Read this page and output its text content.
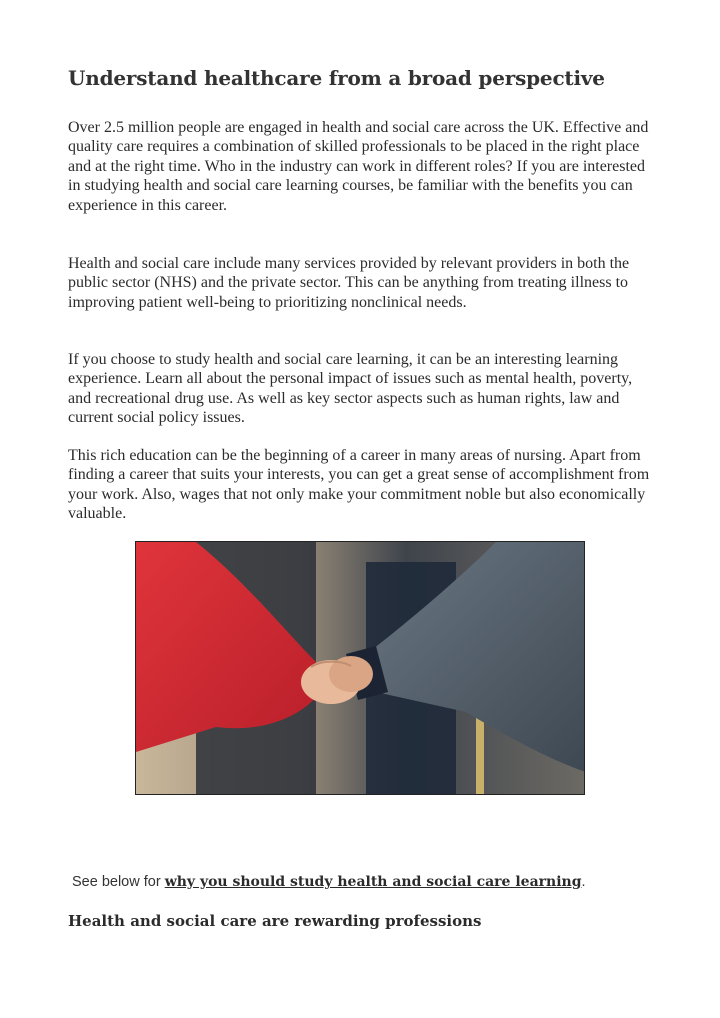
Understand healthcare from a broad perspective

Over 2.5 million people are engaged in health and social care across the UK. Effective and quality care requires a combination of skilled professionals to be placed in the right place and at the right time. Who in the industry can work in different roles? If you are interested in studying health and social care learning courses, be familiar with the benefits you can experience in this career.

Health and social care include many services provided by relevant providers in both the public sector (NHS) and the private sector. This can be anything from treating illness to improving patient well-being to prioritizing nonclinical needs.

If you choose to study health and social care learning, it can be an interesting learning experience. Learn all about the personal impact of issues such as mental health, poverty, and recreational drug use. As well as key sector aspects such as human rights, law and current social policy issues.

This rich education can be the beginning of a career in many areas of nursing. Apart from finding a career that suits your interests, you can get a great sense of accomplishment from your work. Also, wages that not only make your commitment noble but also economically valuable.

See below for why you should study health and social care learning.

Health and social care are rewarding professions
